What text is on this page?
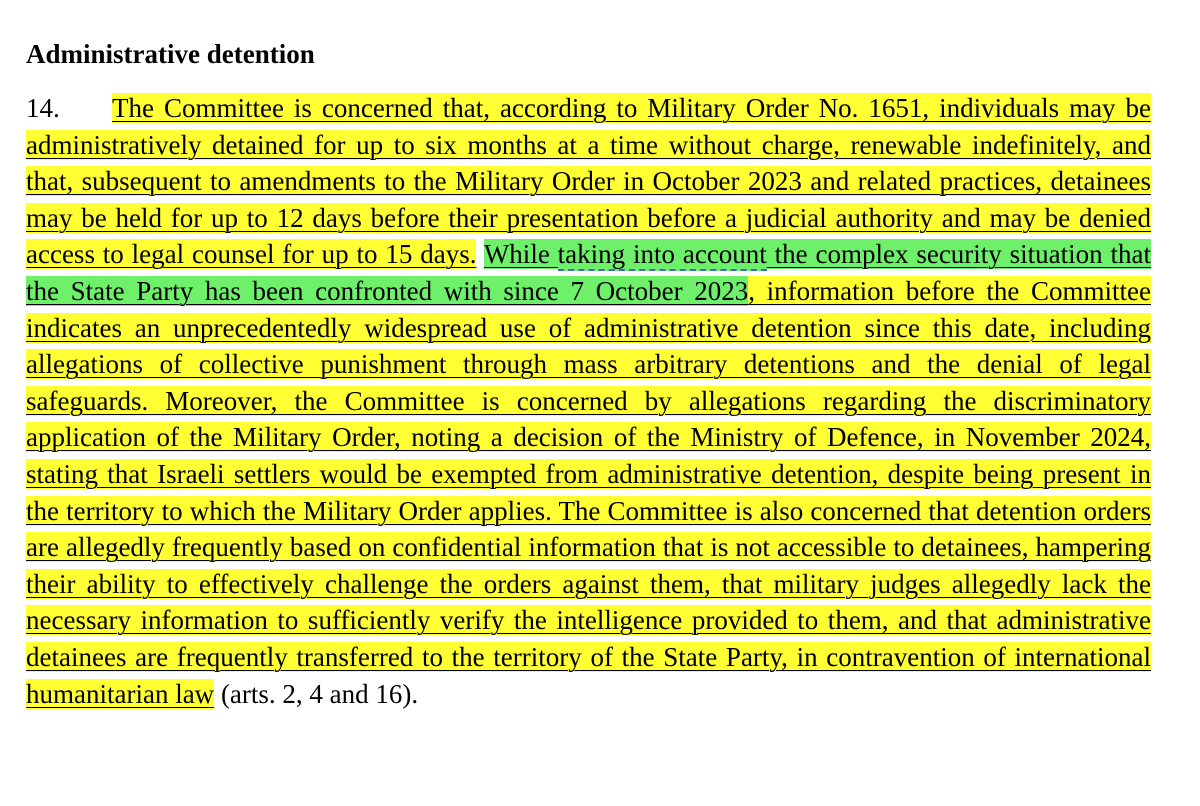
Administrative detention
14. The Committee is concerned that, according to Military Order No. 1651, individuals may be administratively detained for up to six months at a time without charge, renewable indefinitely, and that, subsequent to amendments to the Military Order in October 2023 and related practices, detainees may be held for up to 12 days before their presentation before a judicial authority and may be denied access to legal counsel for up to 15 days. While taking into account the complex security situation that the State Party has been confronted with since 7 October 2023, information before the Committee indicates an unprecedentedly widespread use of administrative detention since this date, including allegations of collective punishment through mass arbitrary detentions and the denial of legal safeguards. Moreover, the Committee is concerned by allegations regarding the discriminatory application of the Military Order, noting a decision of the Ministry of Defence, in November 2024, stating that Israeli settlers would be exempted from administrative detention, despite being present in the territory to which the Military Order applies. The Committee is also concerned that detention orders are allegedly frequently based on confidential information that is not accessible to detainees, hampering their ability to effectively challenge the orders against them, that military judges allegedly lack the necessary information to sufficiently verify the intelligence provided to them, and that administrative detainees are frequently transferred to the territory of the State Party, in contravention of international humanitarian law (arts. 2, 4 and 16).
